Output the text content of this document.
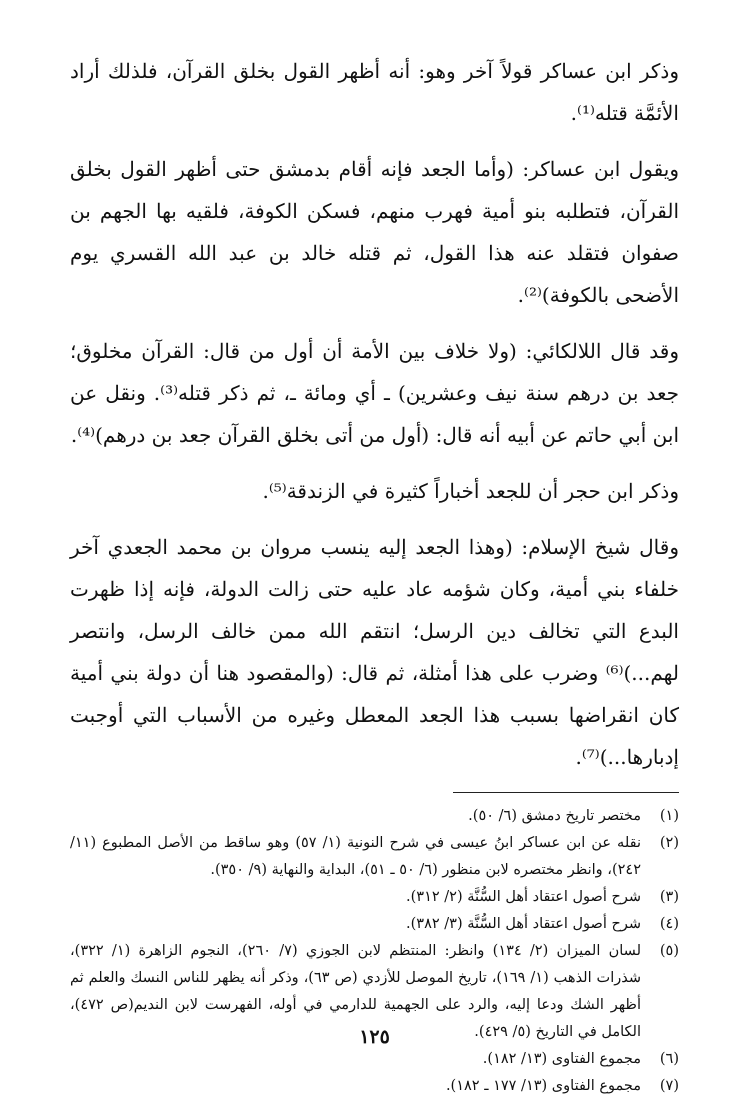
وذكر ابن عساكر قولاً آخر وهو: أنه أظهر القول بخلق القرآن، فلذلك أراد الأئمَّة قتله⁽¹⁾.

ويقول ابن عساكر: (وأما الجعد فإنه أقام بدمشق حتى أظهر القول بخلق القرآن، فتطلبه بنو أمية فهرب منهم، فسكن الكوفة، فلقيه بها الجهم بن صفوان فتقلد عنه هذا القول، ثم قتله خالد بن عبد الله القسري يوم الأضحى بالكوفة)⁽²⁾.

وقد قال اللالكائي: (ولا خلاف بين الأمة أن أول من قال: القرآن مخلوق؛ جعد بن درهم سنة نيف وعشرين) ـ أي ومائة ـ، ثم ذكر قتله⁽³⁾. ونقل عن ابن أبي حاتم عن أبيه أنه قال: (أول من أتى بخلق القرآن جعد بن درهم)⁽⁴⁾.

وذكر ابن حجر أن للجعد أخباراً كثيرة في الزندقة⁽⁵⁾.

وقال شيخ الإسلام: (وهذا الجعد إليه ينسب مروان بن محمد الجعدي آخر خلفاء بني أمية، وكان شؤمه عاد عليه حتى زالت الدولة، فإنه إذا ظهرت البدع التي تخالف دين الرسل؛ انتقم الله ممن خالف الرسل، وانتصر لهم...)⁽⁶⁾ وضرب على هذا أمثلة، ثم قال: (والمقصود هنا أن دولة بني أمية كان انقراضها بسبب هذا الجعد المعطل وغيره من الأسباب التي أوجبت إدبارها...)⁽⁷⁾.

(١)
مختصر تاريخ دمشق (٦/ ٥٠).
(٢)
نقله عن ابن عساكر ابنُ عيسى في شرح النونية (١/ ٥٧) وهو ساقط من الأصل المطبوع (١١/ ٢٤٢)، وانظر مختصره لابن منظور (٦/ ٥٠ ـ ٥١)، البداية والنهاية (٩/ ٣٥٠).
(٣)
شرح أصول اعتقاد أهل السُّنَّة (٢/ ٣١٢).
(٤)
شرح أصول اعتقاد أهل السُّنَّة (٣/ ٣٨٢).
(٥)
لسان الميزان (٢/ ١٣٤) وانظر: المنتظم لابن الجوزي (٧/ ٢٦٠)، النجوم الزاهرة (١/ ٣٢٢)، شذرات الذهب (١/ ١٦٩)، تاريخ الموصل للأزدي (ص ٦٣)، وذكر أنه يظهر للناس النسك والعلم ثم أظهر الشك ودعا إليه، والرد على الجهمية للدارمي في أوله، الفهرست لابن النديم(ص ٤٧٢)، الكامل في التاريخ (٥/ ٤٢٩).
(٦)
مجموع الفتاوى (١٣/ ١٨٢).
(٧)
مجموع الفتاوى (١٣/ ١٧٧ ـ ١٨٢).
١٢٥
